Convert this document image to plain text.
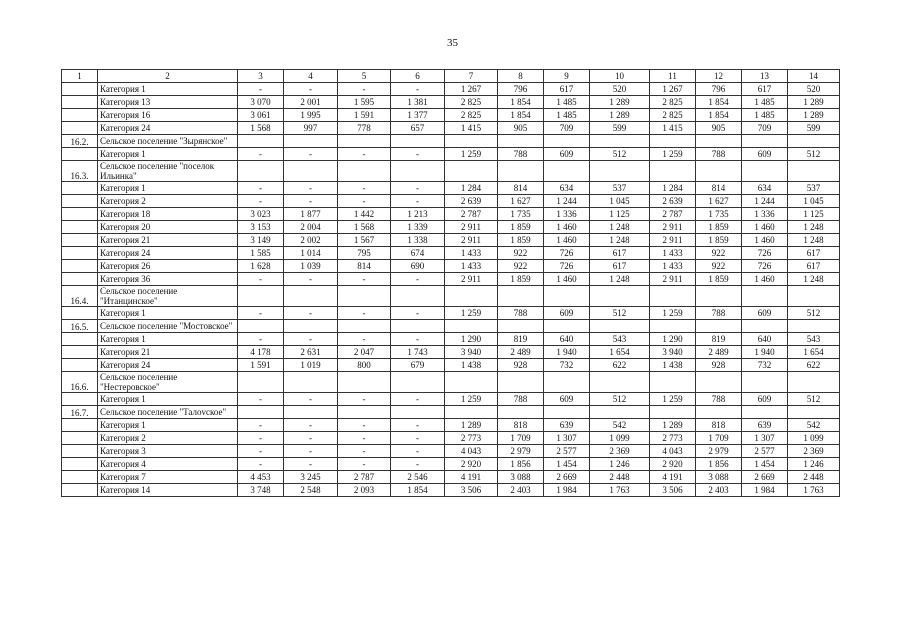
35
1	2	3	4	5	6	7	8	9	10	11	12	13	14
	Категория 1	-	-	-	-	1 267	796	617	520	1 267	796	617	520
	Категория 13	3 070	2 001	1 595	1 381	2 825	1 854	1 485	1 289	2 825	1 854	1 485	1 289
	Категория 16	3 061	1 995	1 591	1 377	2 825	1 854	1 485	1 289	2 825	1 854	1 485	1 289
	Категория 24	1 568	997	778	657	1 415	905	709	599	1 415	905	709	599
16.2.	Сельское поселение "Зырянское"												
	Категория 1	-	-	-	-	1 259	788	609	512	1 259	788	609	512
16.3.	Сельское поселение "поселок Ильинка"												
	Категория 1	-	-	-	-	1 284	814	634	537	1 284	814	634	537
	Категория 2	-	-	-	-	2 639	1 627	1 244	1 045	2 639	1 627	1 244	1 045
	Категория 18	3 023	1 877	1 442	1 213	2 787	1 735	1 336	1 125	2 787	1 735	1 336	1 125
	Категория 20	3 153	2 004	1 568	1 339	2 911	1 859	1 460	1 248	2 911	1 859	1 460	1 248
	Категория 21	3 149	2 002	1 567	1 338	2 911	1 859	1 460	1 248	2 911	1 859	1 460	1 248
	Категория 24	1 585	1 014	795	674	1 433	922	726	617	1 433	922	726	617
	Категория 26	1 628	1 039	814	690	1 433	922	726	617	1 433	922	726	617
	Категория 36	-	-	-	-	2 911	1 859	1 460	1 248	2 911	1 859	1 460	1 248
16.4.	Сельское поселение "Итанцинское"												
	Категория 1	-	-	-	-	1 259	788	609	512	1 259	788	609	512
16.5.	Сельское поселение "Мостовское"												
	Категория 1	-	-	-	-	1 290	819	640	543	1 290	819	640	543
	Категория 21	4 178	2 631	2 047	1 743	3 940	2 489	1 940	1 654	3 940	2 489	1 940	1 654
	Категория 24	1 591	1 019	800	679	1 438	928	732	622	1 438	928	732	622
16.6.	Сельское поселение "Нестеровское"												
	Категория 1	-	-	-	-	1 259	788	609	512	1 259	788	609	512
16.7.	Сельское поселение "Талovское"												
	Категория 1	-	-	-	-	1 289	818	639	542	1 289	818	639	542
	Категория 2	-	-	-	-	2 773	1 709	1 307	1 099	2 773	1 709	1 307	1 099
	Категория 3	-	-	-	-	4 043	2 979	2 577	2 369	4 043	2 979	2 577	2 369
	Категория 4	-	-	-	-	2 920	1 856	1 454	1 246	2 920	1 856	1 454	1 246
	Категория 7	4 453	3 245	2 787	2 546	4 191	3 088	2 669	2 448	4 191	3 088	2 669	2 448
	Категория 14	3 748	2 548	2 093	1 854	3 506	2 403	1 984	1 763	3 506	2 403	1 984	1 763
